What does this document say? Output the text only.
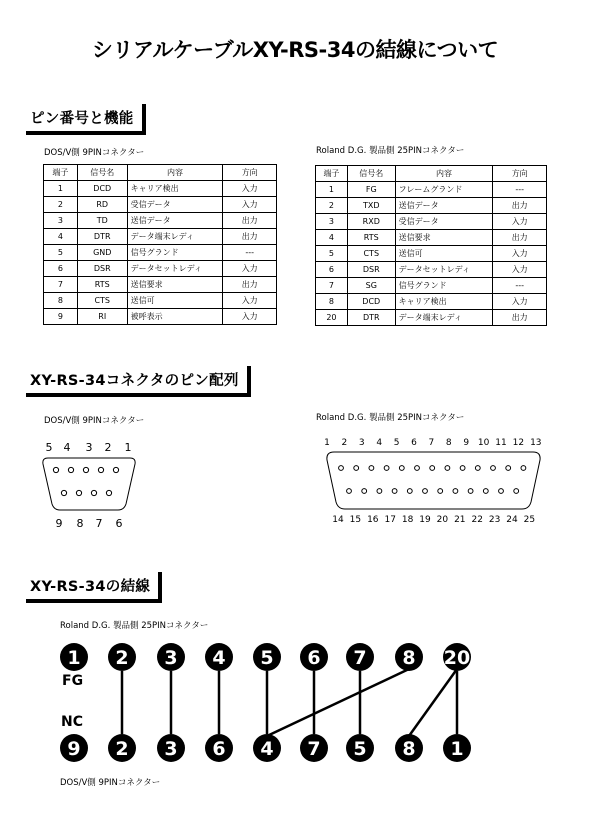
シリアルケーブルXY-RS-34の結線について
ピン番号と機能
DOS/V側 9PINコネクター	Roland D.G. 製品側 25PINコネクター
端子	信号名	内容	方向
1	DCD	キャリア検出	入力
2	RD	受信データ	入力
3	TD	送信データ	出力
4	DTR	データ端末レディ	出力
5	GND	信号グランド	---
6	DSR	データセットレディ	入力
7	RTS	送信要求	出力
8	CTS	送信可	入力
9	RI	被呼表示	入力
端子	信号名	内容	方向
1	FG	フレームグランド	---
2	TXD	送信データ	出力
3	RXD	受信データ	入力
4	RTS	送信要求	出力
5	CTS	送信可	入力
6	DSR	データセットレディ	入力
7	SG	信号グランド	---
8	DCD	キャリア検出	入力
20	DTR	データ端末レディ	出力
XY-RS-34コネクタのピン配列
DOS/V側 9PINコネクター	Roland D.G. 製品側 25PINコネクター
5 4 3 2 1
9 8 7 6
1 2 3 4 5 6 7 8 9 10 11 12 13
14 15 16 17 18 19 20 21 22 23 24 25
XY-RS-34の結線
Roland D.G. 製品側 25PINコネクター
DOS/V側 9PINコネクター
1 2 3 4 5 6 7 8 20
9 2 3 6 4 7 5 8 1
FG
NC
